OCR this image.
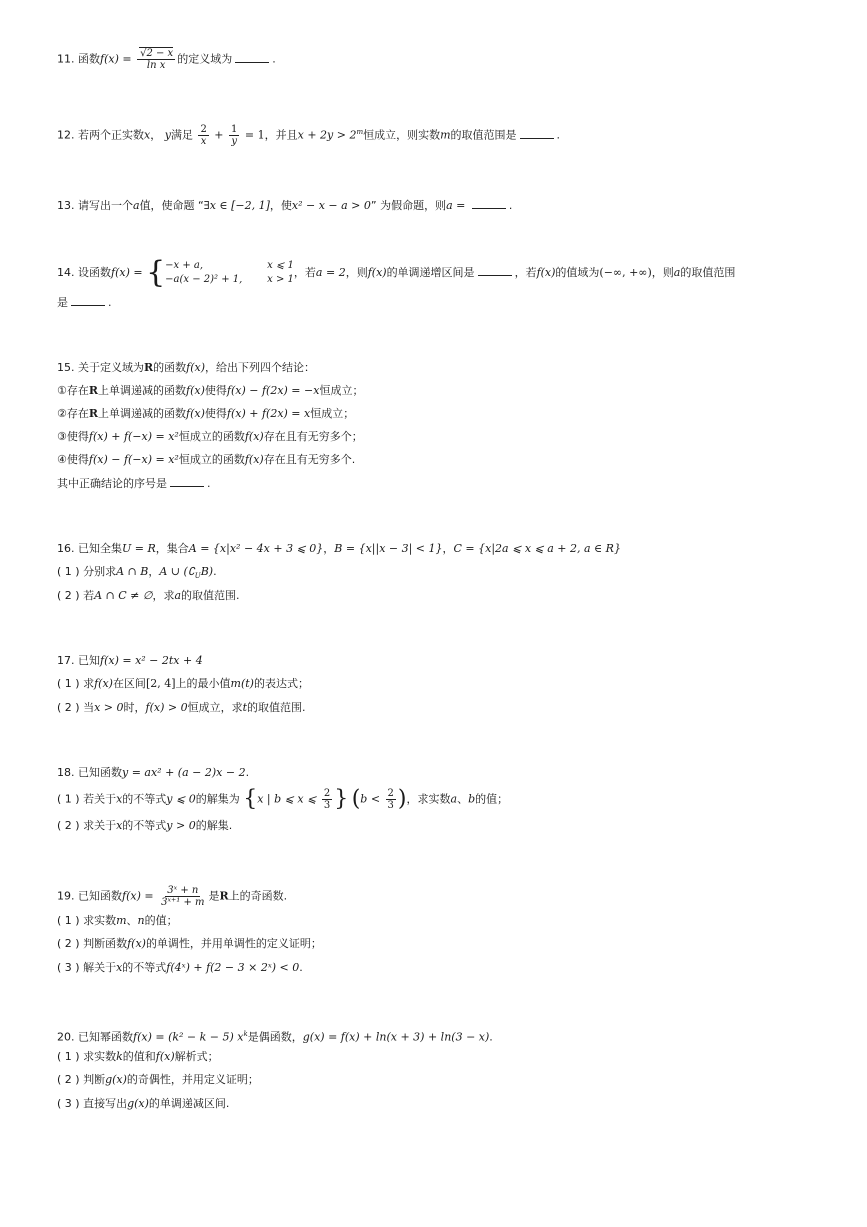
11. 函数$f(x) = \frac{√2 - x}{\text{ln x}}$ 的定义域为	.
12. 若两个正实数x， y满足 $\frac{2}{x} + \frac{1}{y} = 1$，并且$x + 2y > 2^m$恒成立，则实数m的取值范围是	.
13. 请写出一个a值，使命题 “∃x ∈ [−2, 1]，使x² − x − a > 0” 为假命题，则a =	.
14. 设函数f(x) = { −x + a,	x ⩽ 1
−a(x − 2)² + 1,	x > 1
，若a = 2，则f(x)的单调递增区间是	，若f(x)的值域为(−∞, +∞)，则a的取值范围
是	.
15. 关于定义域为R的函数f(x)，给出下列四个结论：
①存在R上单调递减的函数f(x)使得f(x) − f(2x) = −x恒成立；
②存在R上单调递减的函数f(x)使得f(x) + f(2x) = x恒成立；
③使得f(x) + f(−x) = x²恒成立的函数f(x)存在且有无穷多个；
④使得f(x) − f(−x) = x²恒成立的函数f(x)存在且有无穷多个.
其中正确结论的序号是	.
16. 已知全集U = R，集合A = {x|x² − 4x + 3 ⩽ 0}，B = {x||x − 3| < 1}，C = {x|2a ⩽ x ⩽ a + 2, a ∈ R}
( 1 ) 分别求A ∩ B，A ∪ $(∁_UB)$.
( 2 ) 若A ∩ C ≠ ∅，求a的取值范围.
17. 已知f(x) = x² − 2tx + 4
( 1 ) 求f(x)在区间[2, 4]上的最小值m(t)的表达式；
( 2 ) 当x > 0时，f(x) > 0恒成立，求t的取值范围.
18. 已知函数y = ax² + (a − 2)x − 2.
( 1 ) 若关于x的不等式y ⩽ 0的解集为 {x | b ⩽ x ⩽ $\frac{2}{3}$ } ($b < \frac{2}{3}$ )，求实数a、b的值；
( 2 ) 求关于x的不等式y > 0的解集.
19. 已知函数$f(x) = \frac{\text{3ˣ + n}}{\text{3ˣ⁺¹ + m}}$ 是R上的奇函数.
( 1 ) 求实数m、n的值；
( 2 ) 判断函数f(x)的单调性，并用单调性的定义证明；
( 3 ) 解关于x的不等式f(4ˣ) + f(2 − 3 × 2ˣ) < 0.
20. 已知幂函数f(x) = (k² − k − 5) $x^k$是偶函数，g(x) = f(x) + ln(x + 3) + ln(3 − x).
( 1 ) 求实数k的值和f(x)解析式；
( 2 ) 判断g(x)的奇偶性，并用定义证明；
( 3 ) 直接写出g(x)的单调递减区间.
